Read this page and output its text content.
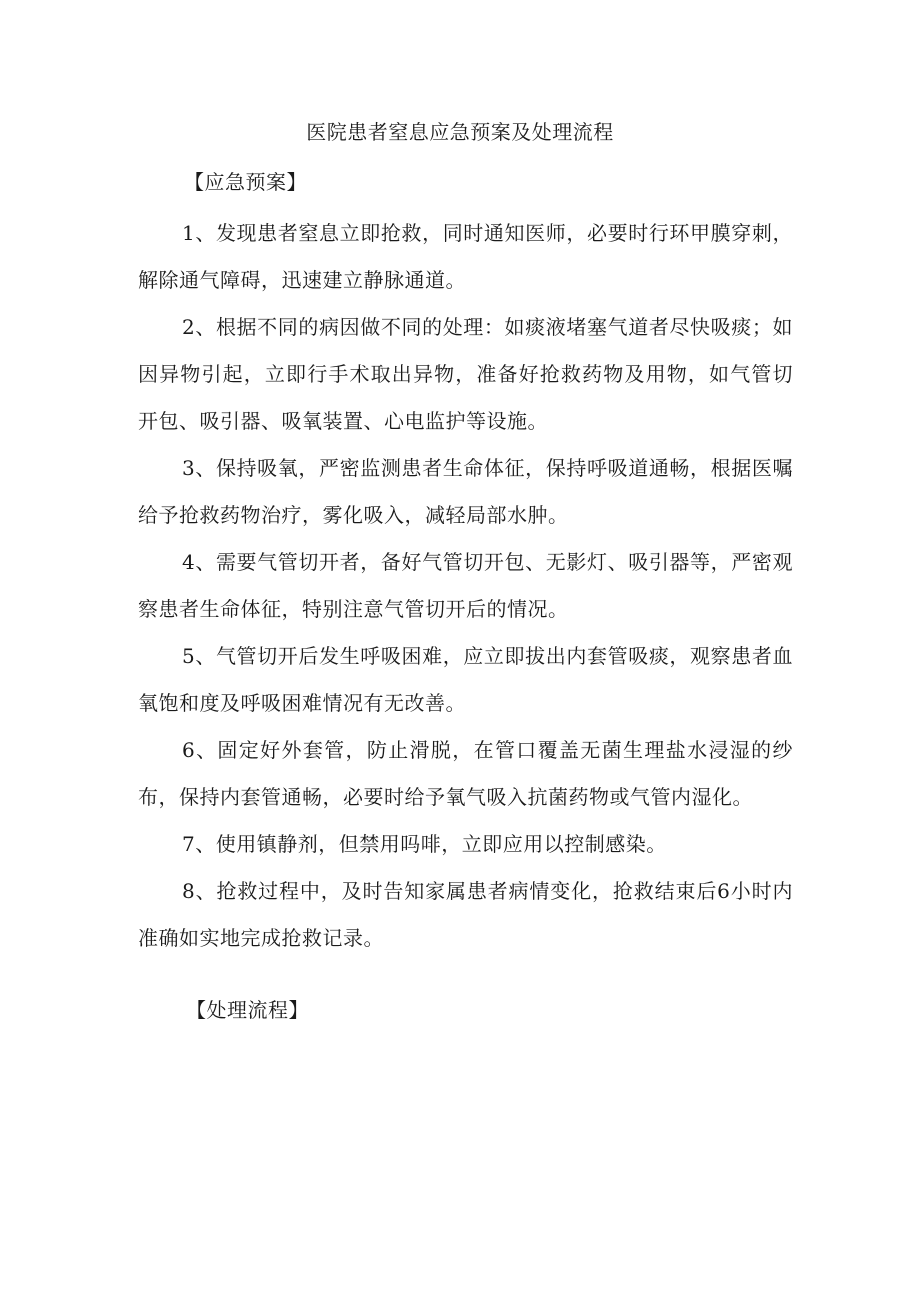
医院患者窒息应急预案及处理流程
【应急预案】

1、发现患者窒息立即抢救，同时通知医师，必要时行环甲膜穿刺，解除通气障碍，迅速建立静脉通道。

2、根据不同的病因做不同的处理：如痰液堵塞气道者尽快吸痰；如因异物引起，立即行手术取出异物，准备好抢救药物及用物，如气管切开包、吸引器、吸氧装置、心电监护等设施。

3、保持吸氧，严密监测患者生命体征，保持呼吸道通畅，根据医嘱给予抢救药物治疗，雾化吸入，减轻局部水肿。

4、需要气管切开者，备好气管切开包、无影灯、吸引器等，严密观察患者生命体征，特别注意气管切开后的情况。

5、气管切开后发生呼吸困难，应立即拔出内套管吸痰，观察患者血氧饱和度及呼吸困难情况有无改善。

6、固定好外套管，防止滑脱，在管口覆盖无菌生理盐水浸湿的纱布，保持内套管通畅，必要时给予氧气吸入抗菌药物或气管内湿化。

7、使用镇静剂，但禁用吗啡，立即应用以控制感染。

8、抢救过程中，及时告知家属患者病情变化，抢救结束后6小时内准确如实地完成抢救记录。

【处理流程】
